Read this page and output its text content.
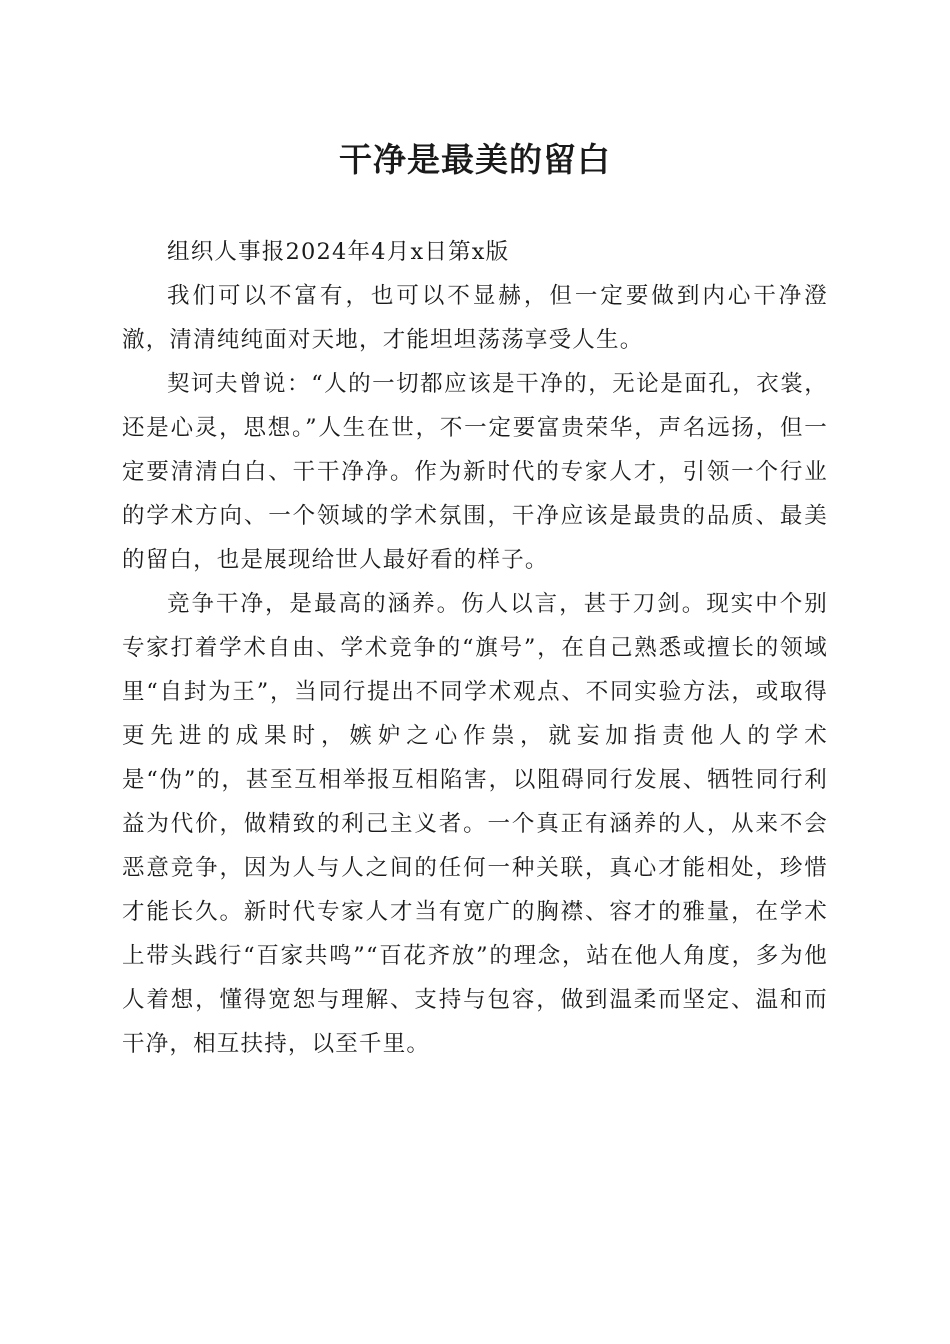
干净是最美的留白

组织人事报2024年4月x日第x版

我们可以不富有，也可以不显赫，但一定要做到内心干净澄澈，清清纯纯面对天地，才能坦坦荡荡享受人生。

契诃夫曾说：“人的一切都应该是干净的，无论是面孔，衣裳，还是心灵，思想。”人生在世，不一定要富贵荣华，声名远扬，但一定要清清白白、干干净净。作为新时代的专家人才，引领一个行业的学术方向、一个领域的学术氛围，干净应该是最贵的品质、最美的留白，也是展现给世人最好看的样子。

竞争干净，是最高的涵养。伤人以言，甚于刀剑。现实中个别专家打着学术自由、学术竞争的“旗号”，在自己熟悉或擅长的领域里“自封为王”，当同行提出不同学术观点、不同实验方法，或取得更先进的成果时，嫉妒之心作祟，就妄加指责他人的学术是“伪”的，甚至互相举报互相陷害，以阻碍同行发展、牺牲同行利益为代价，做精致的利己主义者。一个真正有涵养的人，从来不会恶意竞争，因为人与人之间的任何一种关联，真心才能相处，珍惜才能长久。新时代专家人才当有宽广的胸襟、容才的雅量，在学术上带头践行“百家共鸣”“百花齐放”的理念，站在他人角度，多为他人着想，懂得宽恕与理解、支持与包容，做到温柔而坚定、温和而干净，相互扶持，以至千里。
